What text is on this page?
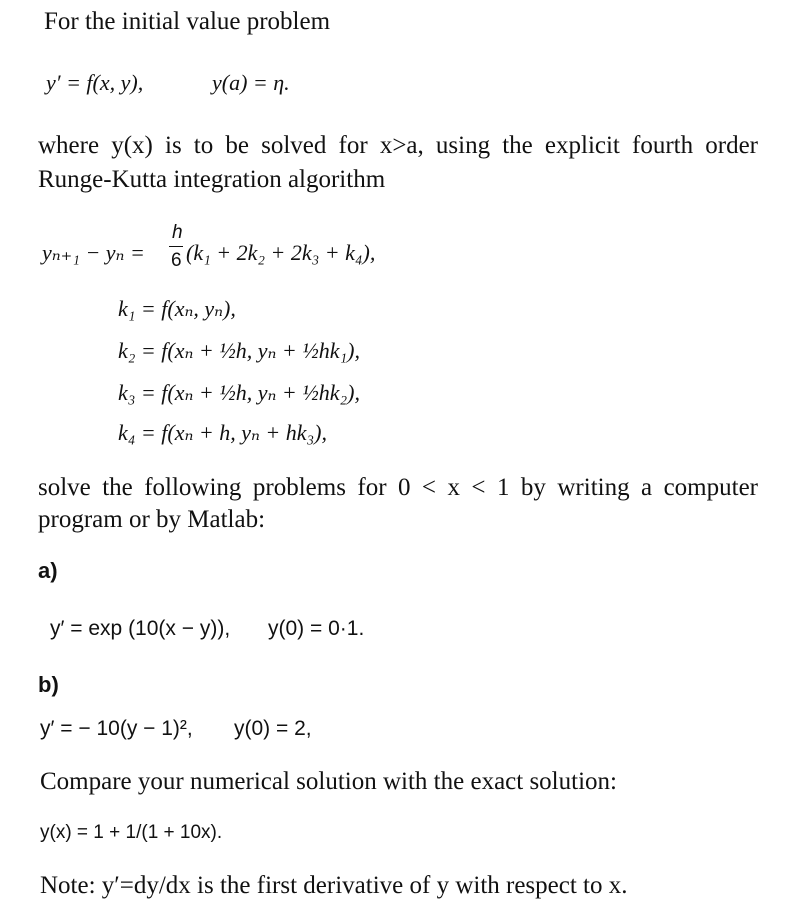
For the initial value problem
y′ = f(x, y),	y(a) = η.
where y(x) is to be solved for x>a, using the explicit fourth order
Runge-Kutta integration algorithm
yₙ₊₁ − yₙ =
h
6 (k₁ + 2k₂ + 2k₃ + k₄),
k₁ = f(xₙ, yₙ),
k₂ = f(xₙ + ½h, yₙ + ½hk₁),
k₃ = f(xₙ + ½h, yₙ + ½hk₂),
k₄ = f(xₙ + h, yₙ + hk₃),
solve the following problems for 0 < x < 1 by writing a computer
program or by Matlab:
a)
y′ = exp (10(x − y)), y(0) = 0·1.
b)
y′ = − 10(y − 1)², y(0) = 2,
Compare your numerical solution with the exact solution:
y(x) = 1 + 1/(1 + 10x).
Note: y′=dy/dx is the first derivative of y with respect to x.
